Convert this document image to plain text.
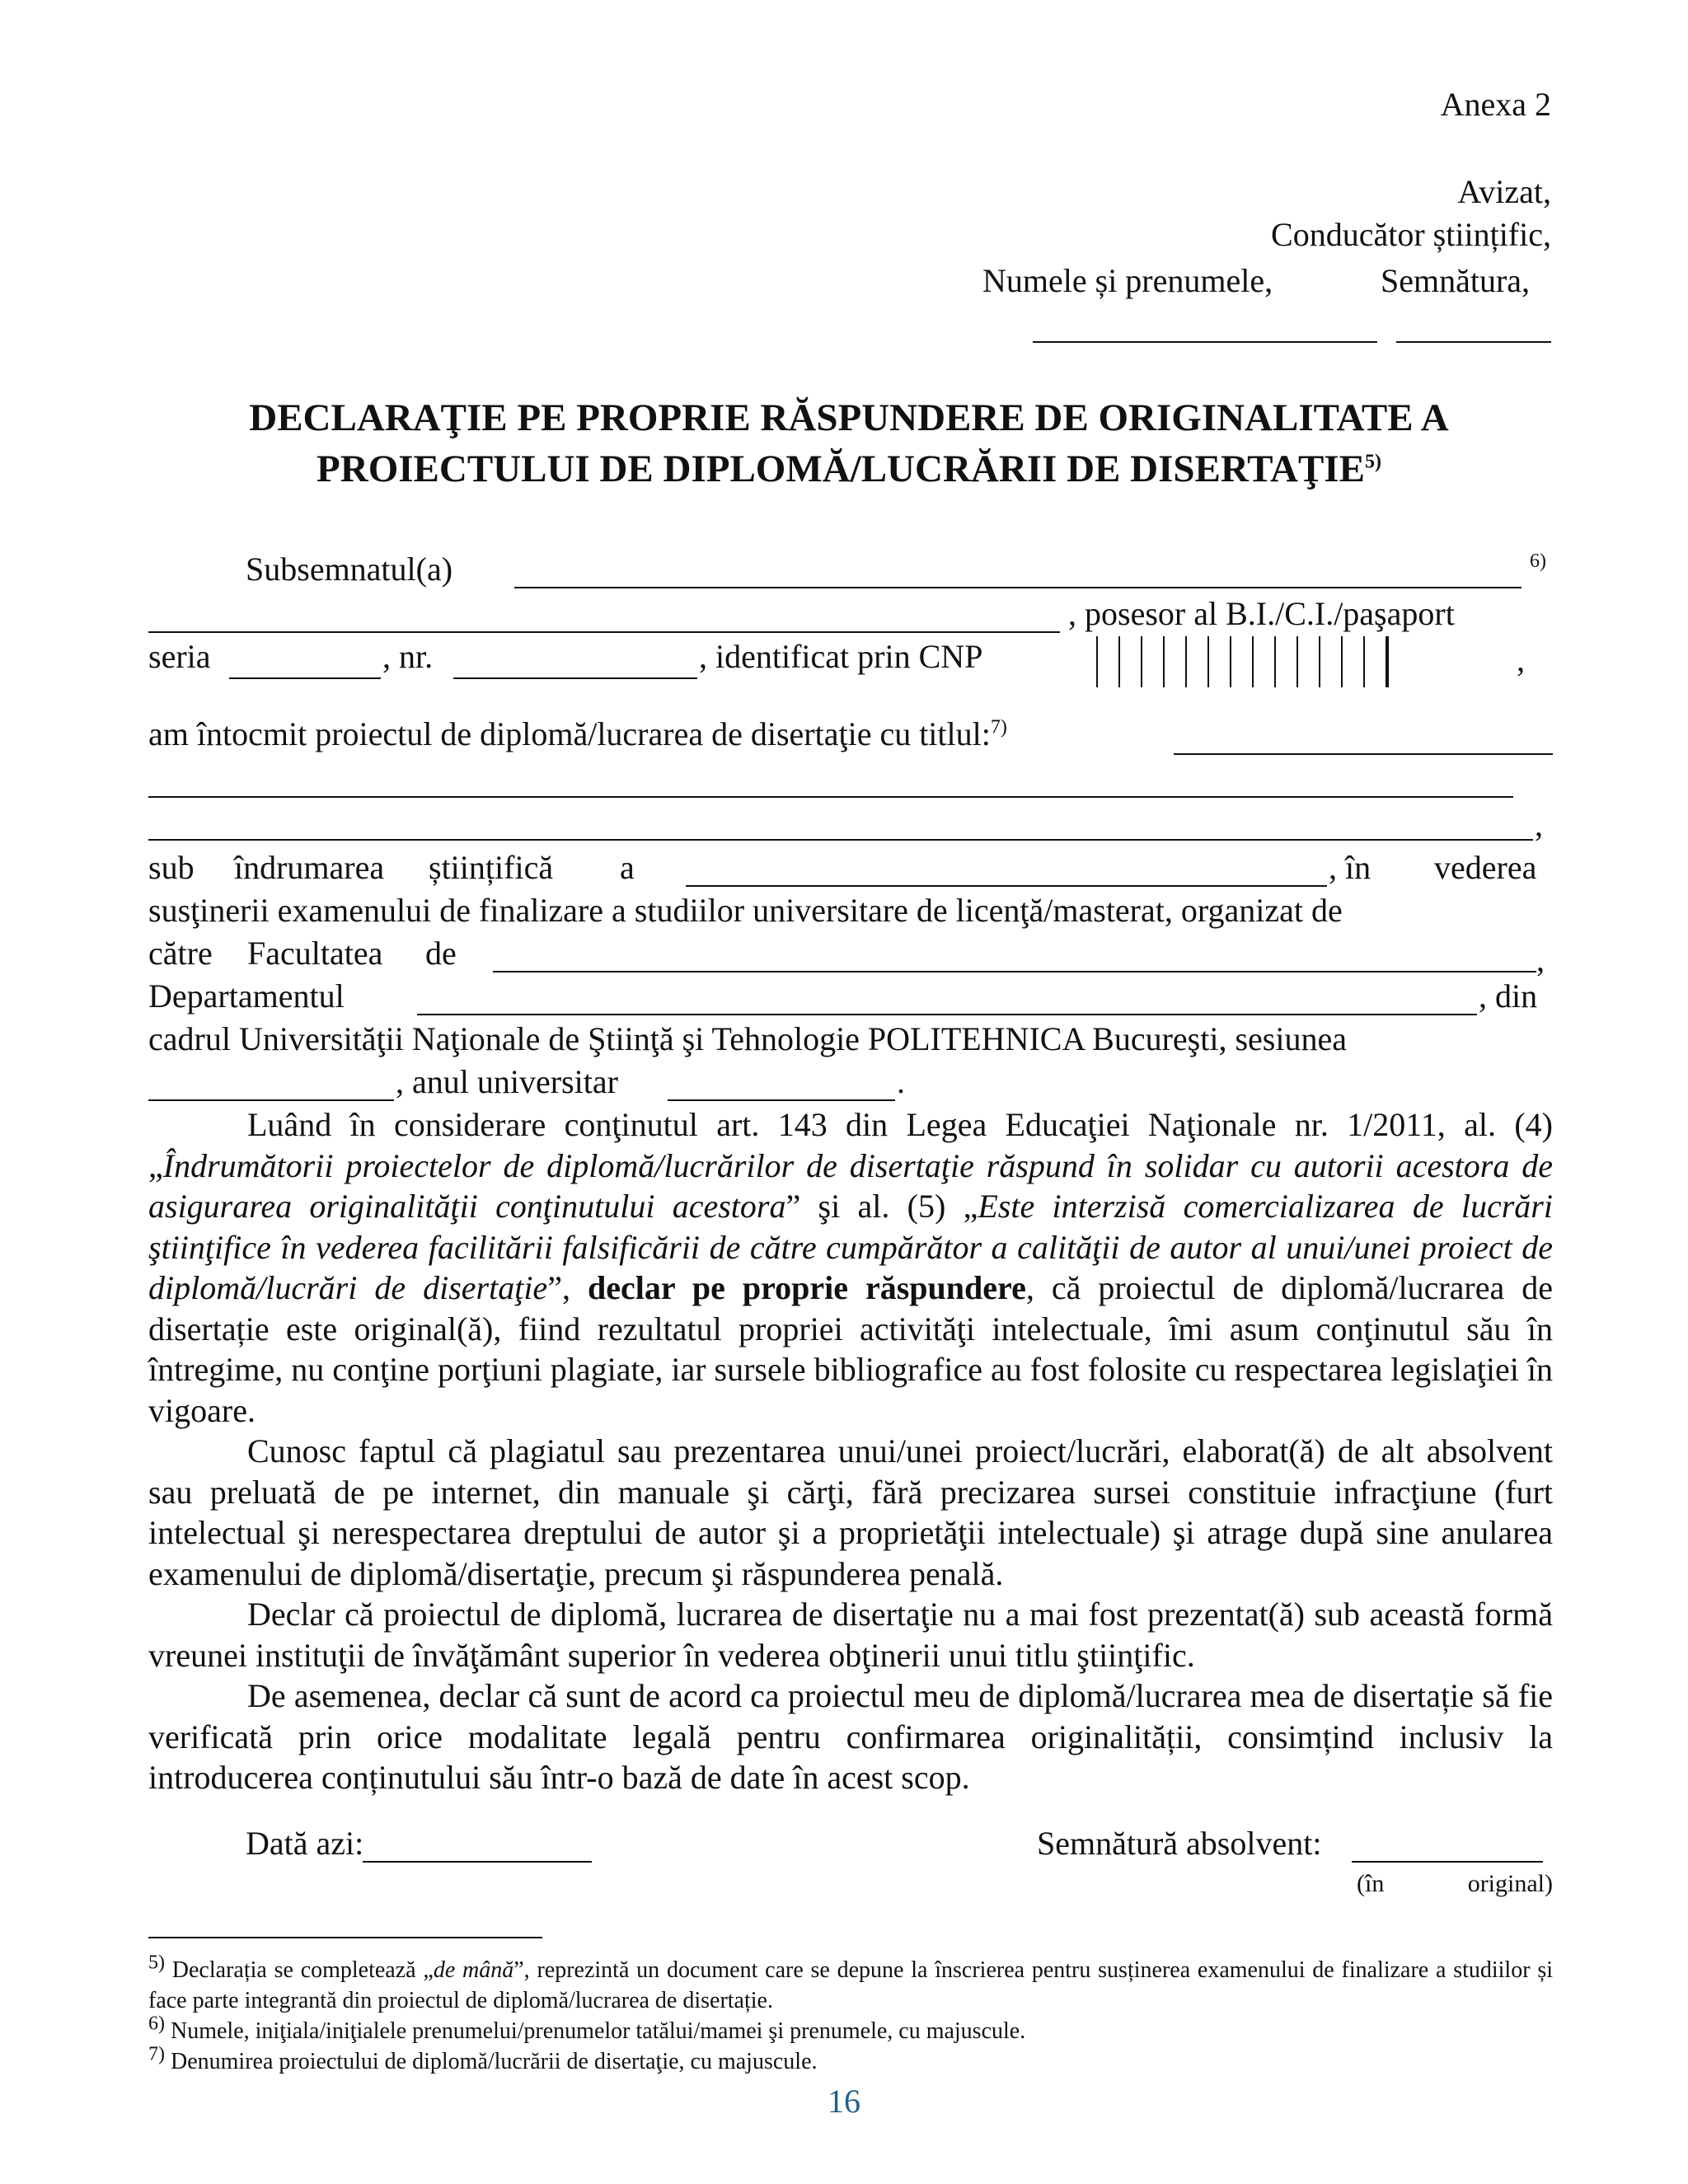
Anexa 2
Avizat,
Conducător științific,
Numele și prenumele,	Semnătura,
DECLARAŢIE PE PROPRIE RĂSPUNDERE DE ORIGINALITATE A
PROIECTULUI DE DIPLOMĂ/LUCRĂRII DE DISERTAŢIE$^{5)}$
Subsemnatul(a)	6)
, posesor al B.I./C.I./paşaport
seria	, nr.	, identificat prin CNP	,
am întocmit proiectul de diplomă/lucrarea de disertaţie cu titlul:$^{7)}$
,
sub îndrumarea științifică a	, în vederea
susţinerii examenului de finalizare a studiilor universitare de licenţă/masterat, organizat de
către Facultatea de	,
Departamentul	, din
cadrul Universităţii Naţionale de Ştiinţă şi Tehnologie POLITEHNICA Bucureşti, sesiunea
, anul universitar	.

Luând în considerare conţinutul art. 143 din Legea Educaţiei Naţionale nr. 1/2011, al. (4) „Îndrumătorii proiectelor de diplomă/lucrărilor de disertaţie răspund în solidar cu autorii acestora de asigurarea originalităţii conţinutului acestora” şi al. (5) „Este interzisă comercializarea de lucrări ştiinţifice în vederea facilitării falsificării de către cumpărător a calităţii de autor al unui/unei proiect de diplomă/lucrări de disertaţie”, declar pe proprie răspundere, că proiectul de diplomă/lucrarea de disertație este original(ă), fiind rezultatul propriei activităţi intelectuale, îmi asum conţinutul său în întregime, nu conţine porţiuni plagiate, iar sursele bibliografice au fost folosite cu respectarea legislaţiei în vigoare.

Cunosc faptul că plagiatul sau prezentarea unui/unei proiect/lucrări, elaborat(ă) de alt absolvent sau preluată de pe internet, din manuale şi cărţi, fără precizarea sursei constituie infracţiune (furt intelectual şi nerespectarea dreptului de autor şi a proprietăţii intelectuale) şi atrage după sine anularea examenului de diplomă/disertaţie, precum şi răspunderea penală.

Declar că proiectul de diplomă, lucrarea de disertaţie nu a mai fost prezentat(ă) sub această formă vreunei instituţii de învăţământ superior în vederea obţinerii unui titlu ştiinţific.

De asemenea, declar că sunt de acord ca proiectul meu de diplomă/lucrarea mea de disertație să fie verificată prin orice modalitate legală pentru confirmarea originalității, consimțind inclusiv la introducerea conținutului său într-o bază de date în acest scop.

Dată azi:	Semnătură absolvent:
(în	original)

5) Declarația se completează „de mână”, reprezintă un document care se depune la înscrierea pentru susținerea examenului de finalizare a studiilor și face parte integrantă din proiectul de diplomă/lucrarea de disertație.

6) Numele, iniţiala/iniţialele prenumelui/prenumelor tatălui/mamei şi prenumele, cu majuscule.

7) Denumirea proiectului de diplomă/lucrării de disertaţie, cu majuscule.

16
